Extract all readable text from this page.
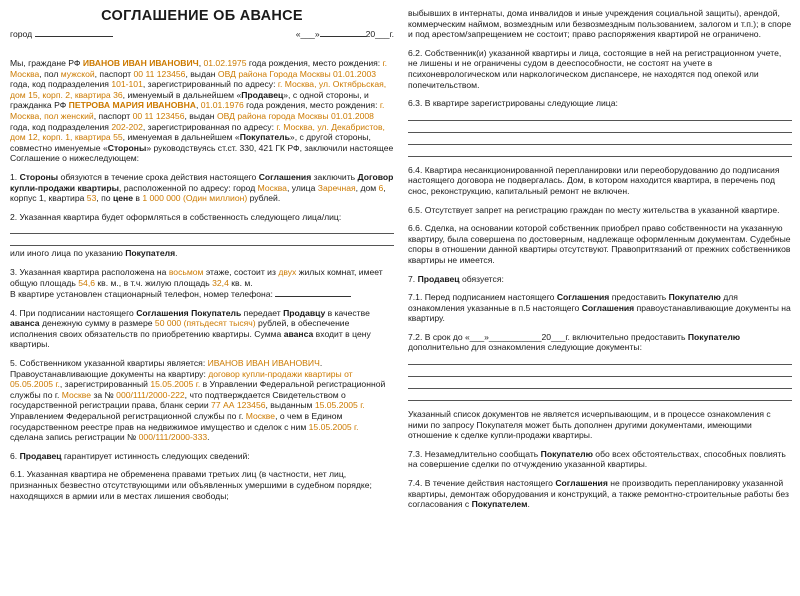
СОГЛАШЕНИЕ ОБ АВАНСЕ
город	«___»	20___г.

Мы, граждане РФ ИВАНОВ ИВАН ИВАНОВИЧ, 01.02.1975 года рождения, место рождения: г. Москва, пол мужской, паспорт 00 11 123456, выдан ОВД района Города Москвы 01.01.2003 года, код подразделения 101-101, зарегистрированный по адресу: г. Москва, ул. Октябрьская, дом 15, корп. 2, квартира 36, именуемый в дальнейшем «Продавец», с одной стороны, и гражданка РФ ПЕТРОВА МАРИЯ ИВАНОВНА, 01.01.1976 года рождения, место рождения: г. Москва, пол женский, паспорт 00 11 123456, выдан ОВД района города Москвы 01.01.2008 года, код подразделения 202-202, зарегистрированная по адресу: г. Москва, ул. Декабристов, дом 12, корп. 1, квартира 55, именуемая в дальнейшем «Покупатель», с другой стороны, совместно именуемые «Стороны» руководствуясь ст.ст. 330, 421 ГК РФ, заключили настоящее Соглашение о нижеследующем:

1. Стороны обязуются в течение срока действия настоящего Соглашения заключить Договор купли-продажи квартиры, расположенной по адресу: город Москва, улица Заречная, дом 6, корпус 1, квартира 53, по цене в 1 000 000 (Один миллион) рублей.

2. Указанная квартира будет оформляться в собственность следующего лица/лиц:
или иного лица по указанию Покупателя.

3. Указанная квартира расположена на восьмом этаже, состоит из двух жилых комнат, имеет общую площадь 54,6 кв. м., в т.ч. жилую площадь 32,4 кв. м.
В квартире установлен стационарный телефон, номер телефона:

4. При подписании настоящего Соглашения Покупатель передает Продавцу в качестве аванса денежную сумму в размере 50 000 (пятьдесят тысяч) рублей, в обеспечение исполнения своих обязательств по приобретению квартиры. Сумма аванса входит в цену квартиры.

5. Собственником указанной квартиры является: ИВАНОВ ИВАН ИВАНОВИЧ. Правоустанавливающие документы на квартиру: договор купли-продажи квартиры от 05.05.2005 г., зарегистрированный 15.05.2005 г. в Управлении Федеральной регистрационной службы по г. Москве за № 000/111/2000-222, что подтверждается Свидетельством о государственной регистрации права, бланк серии 77 АА 123456, выданным 15.05.2005 г. Управлением Федеральной регистрационной службы по г. Москве, о чем в Едином государственном реестре прав на недвижимое имущество и сделок с ним 15.05.2005 г. сделана запись регистрации № 000/111/2000-333.

6. Продавец гарантирует истинность следующих сведений:

6.1. Указанная квартира не обременена правами третьих лиц (в частности, нет лиц, признанных безвестно отсутствующими или объявленных умершими в судебном порядке; находящихся в армии или в местах лишения свободы;

выбывших в интернаты, дома инвалидов и иные учреждения социальной защиты), арендой, коммерческим наймом, возмездным или безвозмездным пользованием, залогом и т.п.); в споре и под арестом/запрещением не состоит; право распоряжения квартирой не ограничено.

6.2. Собственник(и) указанной квартиры и лица, состоящие в ней на регистрационном учете, не лишены и не ограничены судом в дееспособности, не состоят на учете в психоневрологическом или наркологическом диспансере, не находятся под опекой или попечительством.

6.3. В квартире зарегистрированы следующие лица:

6.4. Квартира несанкционированной перепланировки или переоборудованию до подписания настоящего договора не подвергалась. Дом, в котором находится квартира, в перечень под снос, реконструкцию, капитальный ремонт не включен.

6.5. Отсутствует запрет на регистрацию граждан по месту жительства в указанной квартире.

6.6. Сделка, на основании которой собственник приобрел право собственности на указанную квартиру, была совершена по достоверным, надлежаще оформленным документам. Судебные споры в отношении данной квартиры отсутствуют. Правопритязаний от прежних собственников квартиры не имеется.

7. Продавец обязуется:

7.1. Перед подписанием настоящего Соглашения предоставить Покупателю для ознакомления указанные в п.5 настоящего Соглашения правоустанавливающие документы на квартиру.

7.2. В срок до «___»___________20___г. включительно предоставить Покупателю дополнительно для ознакомления следующие документы:

Указанный список документов не является исчерпывающим, и в процессе ознакомления с ними по запросу Покупателя может быть дополнен другими документами, имеющими отношение к сделке купли-продажи квартиры.

7.3. Незамедлительно сообщать Покупателю обо всех обстоятельствах, способных повлиять на совершение сделки по отчуждению указанной квартиры.

7.4. В течение действия настоящего Соглашения не производить перепланировку указанной квартиры, демонтаж оборудования и конструкций, а также ремонтно-строительные работы без согласования с Покупателем.
